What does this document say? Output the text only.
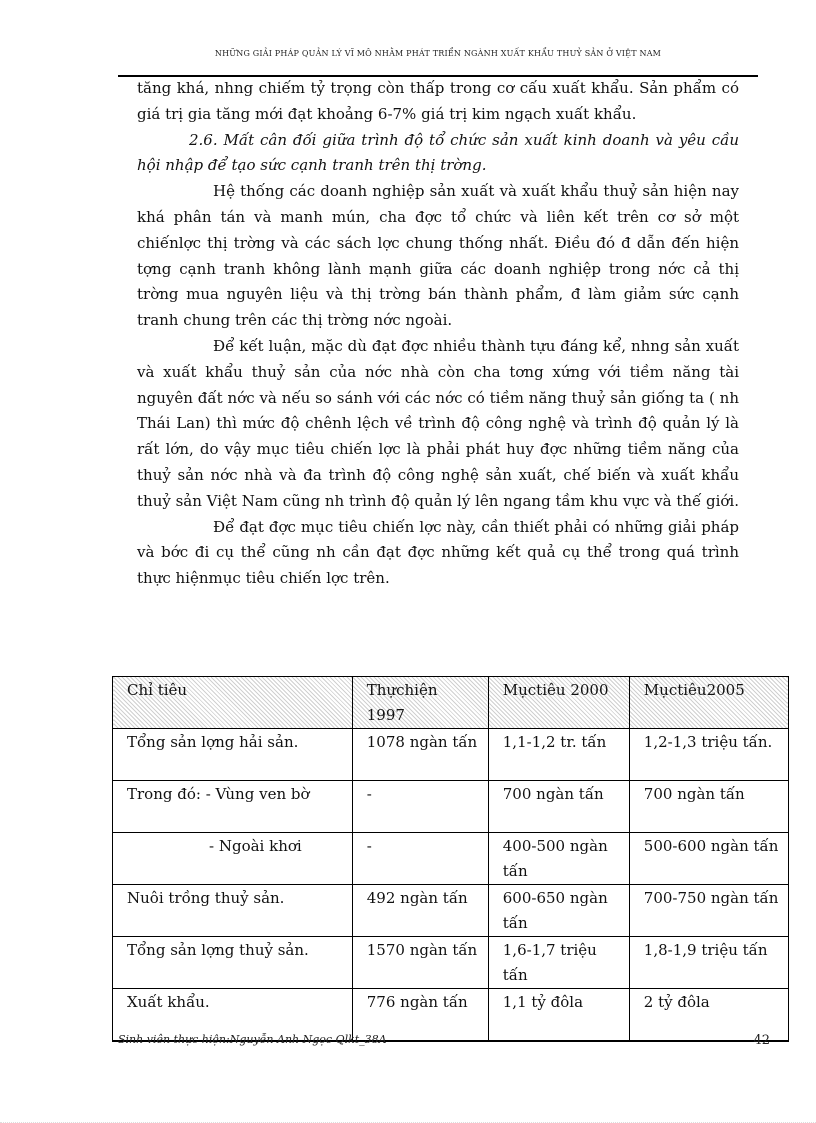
NHỮNG GIẢI PHÁP QUẢN LÝ VĨ MÔ NHẰM PHÁT TRIỂN NGÀNH XUẤT KHẨU THUỶ SẢN Ở VIỆT NAM

tăng khá, nhng chiếm tỷ trọng còn thấp trong cơ cấu xuất khẩu. Sản phẩm có giá trị gia tăng mới đạt khoảng 6-7% giá trị kim ngạch xuất khẩu.

2.6. Mất cân đối giữa trình độ tổ chức sản xuất kinh doanh và yêu cầu hội nhập để tạo sức cạnh tranh trên thị trờng.

Hệ thống các doanh nghiệp sản xuất và xuất khẩu thuỷ sản hiện nay khá phân tán và manh mún, cha đợc tổ chức và liên kết trên cơ sở một chiếnlợc thị trờng và các sách lợc chung thống nhất. Điều đó đ dẫn đến hiện tợng cạnh tranh không lành mạnh giữa các doanh nghiệp trong nớc cả thị trờng mua nguyên liệu và thị trờng bán thành phẩm, đ làm giảm sức cạnh tranh chung trên các thị trờng nớc ngoài.

Để kết luận, mặc dù đạt đợc nhiều thành tựu đáng kể, nhng sản xuất và xuất khẩu thuỷ sản của nớc nhà còn cha tơng xứng với tiềm năng tài nguyên đất nớc và nếu so sánh với các nớc có tiềm năng thuỷ sản giống ta ( nh Thái Lan) thì mức độ chênh lệch về trình độ công nghệ và trình độ quản lý là rất lớn, do vậy mục tiêu chiến lợc là phải phát huy đợc những tiềm năng của thuỷ sản nớc nhà và đa trình độ công nghệ sản xuất, chế biến và xuất khẩu thuỷ sản Việt Nam cũng nh trình độ quản lý lên ngang tầm khu vực và thế giới.

Để đạt đợc mục tiêu chiến lợc này, cần thiết phải có những giải pháp và bớc đi cụ thể cũng nh cần đạt đợc những kết quả cụ thể trong quá trình thực hiệnmục tiêu chiến lợc trên.

Chỉ tiêu	Thựchiện 1997	Mụctiêu 2000	Mụctiêu2005
Tổng sản lợng hải sản.	1078 ngàn tấn	1,1-1,2 tr. tấn	1,2-1,3 triệu tấn.
Trong đó: - Vùng ven bờ	-	700 ngàn tấn	700 ngàn tấn
- Ngoài khơi	-	400-500 ngàn tấn	500-600 ngàn tấn
Nuôi trồng thuỷ sản.	492 ngàn tấn	600-650 ngàn tấn	700-750 ngàn tấn
Tổng sản lợng thuỷ sản.	1570 ngàn tấn	1,6-1,7 triệu tấn	1,8-1,9 triệu tấn
Xuất khẩu.	776 ngàn tấn	1,1 tỷ đôla	2 tỷ đôla
Sinh viên thực hiện:Nguyễn Anh Ngọc Qlkt_38A	42
